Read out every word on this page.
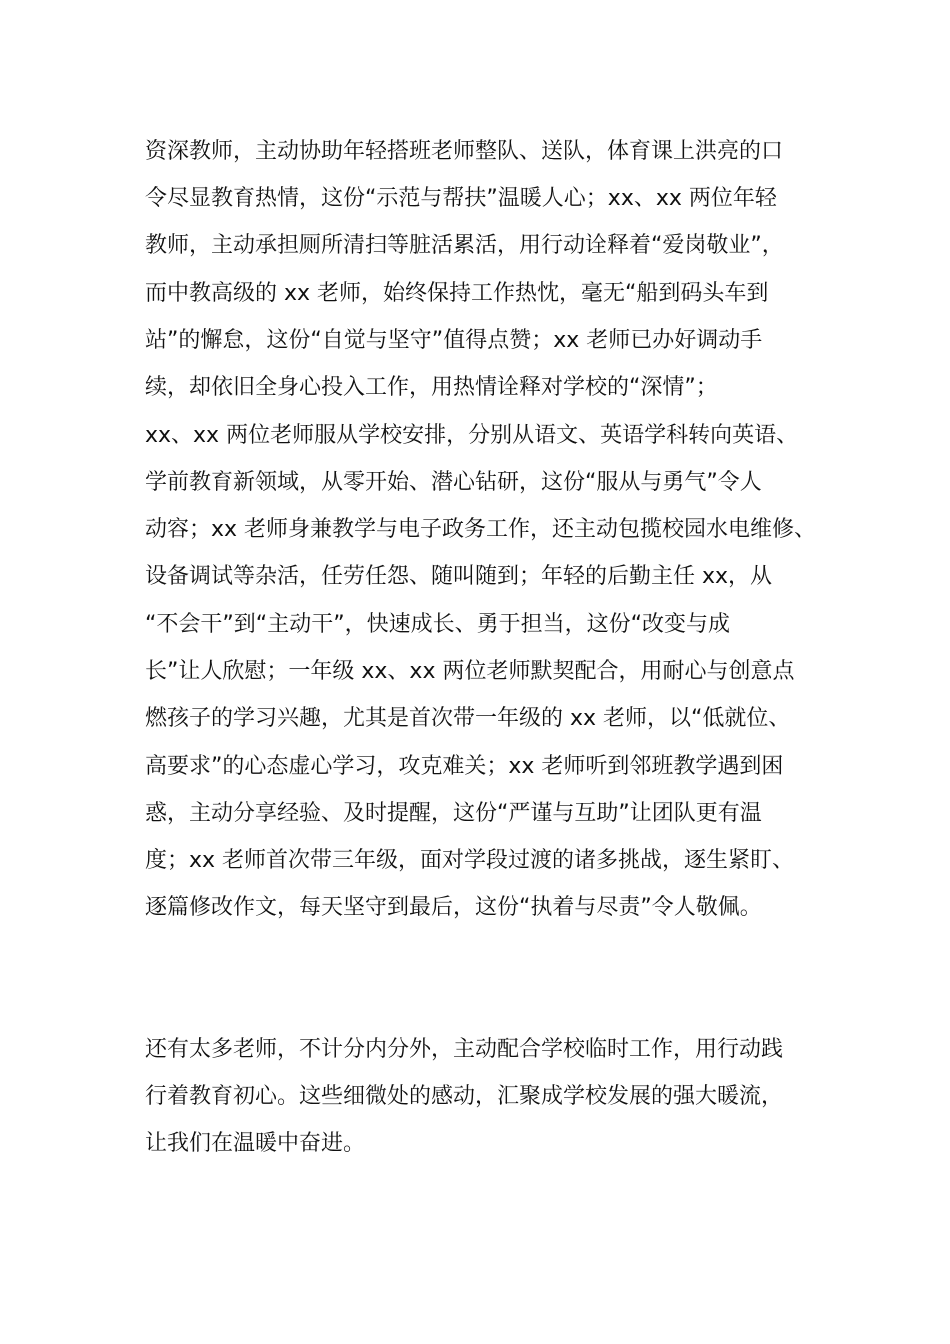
资深教师，主动协助年轻搭班老师整队、送队，体育课上洪亮的口
令尽显教育热情，这份“示范与帮扶”温暖人心；xx、xx 两位年轻
教师，主动承担厕所清扫等脏活累活，用行动诠释着“爱岗敬业”，
而中教高级的 xx 老师，始终保持工作热忱，毫无“船到码头车到
站”的懈怠，这份“自觉与坚守”值得点赞；xx 老师已办好调动手
续，却依旧全身心投入工作，用热情诠释对学校的“深情”；
xx、xx 两位老师服从学校安排，分别从语文、英语学科转向英语、
学前教育新领域，从零开始、潜心钻研，这份“服从与勇气”令人
动容；xx 老师身兼教学与电子政务工作，还主动包揽校园水电维修、
设备调试等杂活，任劳任怨、随叫随到；年轻的后勤主任 xx，从
“不会干”到“主动干”，快速成长、勇于担当，这份“改变与成
长”让人欣慰；一年级 xx、xx 两位老师默契配合，用耐心与创意点
燃孩子的学习兴趣，尤其是首次带一年级的 xx 老师，以“低就位、
高要求”的心态虚心学习，攻克难关；xx 老师听到邻班教学遇到困
惑，主动分享经验、及时提醒，这份“严谨与互助”让团队更有温
度；xx 老师首次带三年级，面对学段过渡的诸多挑战，逐生紧盯、
逐篇修改作文，每天坚守到最后，这份“执着与尽责”令人敬佩。
还有太多老师，不计分内分外，主动配合学校临时工作，用行动践
行着教育初心。这些细微处的感动，汇聚成学校发展的强大暖流，
让我们在温暖中奋进。
